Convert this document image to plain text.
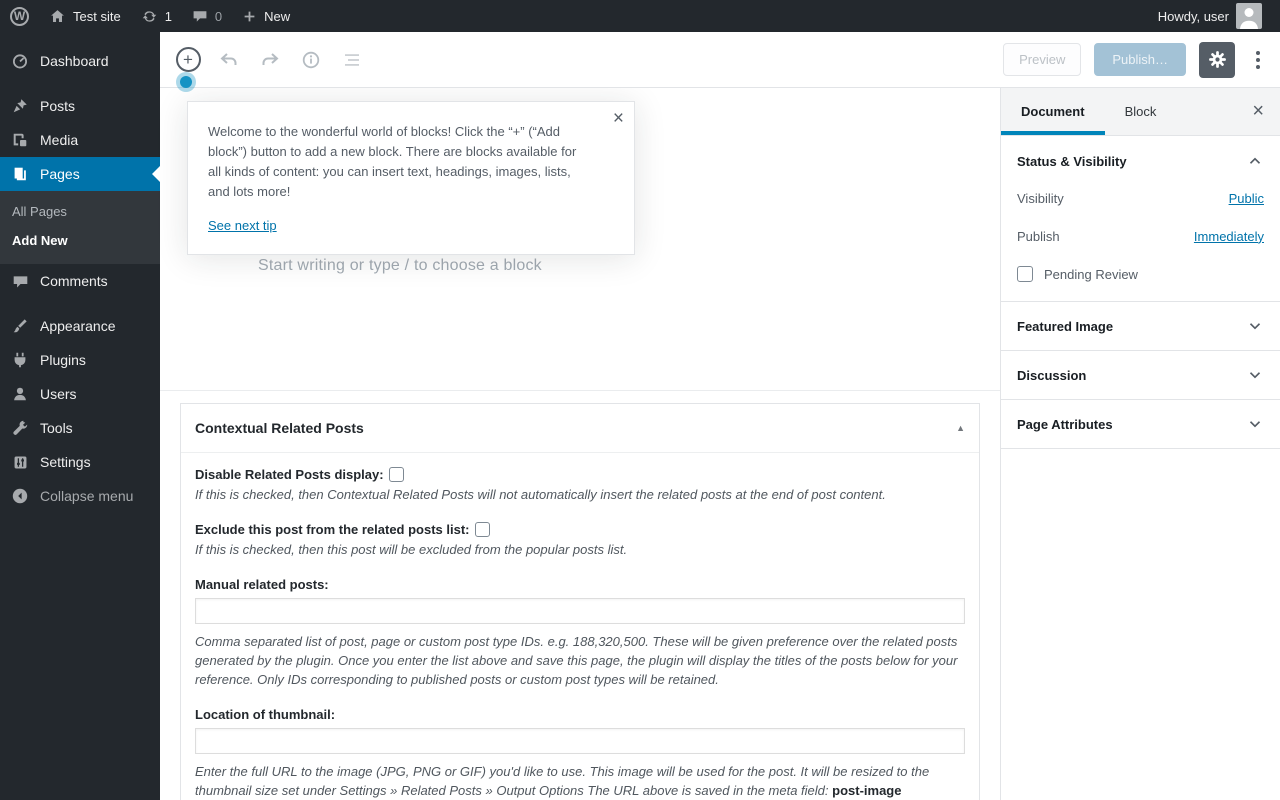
W	Test site	1	0	New	Howdy, user
Dashboard
Posts
Media
Pages
All Pages
Add New
Comments
Appearance
Plugins
Users
Tools
Settings
Collapse menu
+	Preview	Publish…
×
Welcome to the wonderful world of blocks! Click the “+” (“Add block”) button to add a new block. There are blocks available for all kinds of content: you can insert text, headings, images, lists, and lots more!
See next tip
Start writing or type / to choose a block
Contextual Related Posts	▲
Disable Related Posts display:
If this is checked, then Contextual Related Posts will not automatically insert the related posts at the end of post content.
Exclude this post from the related posts list:
If this is checked, then this post will be excluded from the popular posts list.
Manual related posts:
Comma separated list of post, page or custom post type IDs. e.g. 188,320,500. These will be given preference over the related posts generated by the plugin. Once you enter the list above and save this page, the plugin will display the titles of the posts below for your reference. Only IDs corresponding to published posts or custom post types will be retained.
Location of thumbnail:
Enter the full URL to the image (JPG, PNG or GIF) you'd like to use. This image will be used for the post. It will be resized to the thumbnail size set under Settings » Related Posts » Output Options The URL above is saved in the meta field: post-image
Document	Block	×
Status & Visibility
Visibility	Public
Publish	Immediately
Pending Review
Featured Image
Discussion
Page Attributes
